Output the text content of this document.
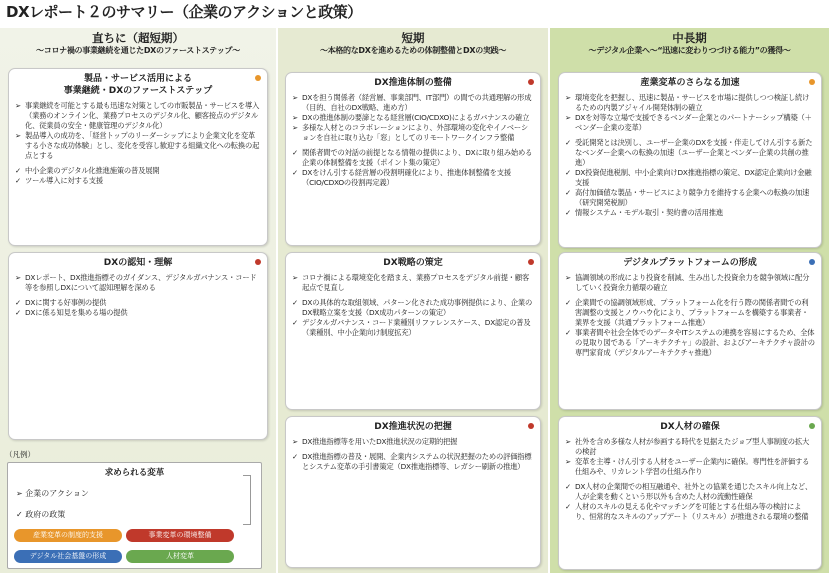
DXレポート２のサマリー（企業のアクションと政策）
直ちに（超短期）
〜コロナ禍の事業継続を通じたDXのファーストステップ〜
短期
〜本格的なDXを進めるための体制整備とDXの実践〜
中長期
〜デジタル企業へ〜“迅速に変わりつづける能力”の獲得〜
製品・サービス活用による
事業継続・DXのファーストステップ
➢ 事業継続を可能とする最も迅速な対策としての市販製品・サービスを導入（業務のオンライン化、業務プロセスのデジタル化、顧客接点のデジタル化、従業員の安全・健康管理のデジタル化）
➢ 製品導入の成功を、「経営トップのリーダーシップにより企業文化を変革する小さな成功体験」とし、変化を受容し歓迎する組織文化への転換の起点とする
✓ 中小企業のデジタル化推進施策の普及展開
✓ ツール導入に対する支援
DXの認知・理解
➢ DXレポート、DX推進指標そのガイダンス、デジタルガバナンス・コード等を参照しDXについて認知理解を深める
✓ DXに関する好事例の提供
✓ DXに係る知見を集める場の提供
DX推進体制の整備
➢ DXを担う関係者（経営層、事業部門、IT部門）の間での共通理解の形成（目的、自社のDX戦略、進め方）
➢ DXの推進体制の要諦となる経営層(CIO/CDXO)によるガバナンスの確立
➢ 多様な人材とのコラボレーションにより、外部環境の変化やイノベーションを自社に取り込む「窓」としてのリモートワークインフラ整備
✓ 関係者間での対話の前提となる情報の提供により、DXに取り組み始める企業の体制整備を支援（ポイント集の策定）
✓ DXをけん引する経営層の役割明確化により、推進体制整備を支援（CIO/CDXOの役割再定義）
DX戦略の策定
➢ コロナ禍による環境変化を踏まえ、業務プロセスをデジタル前提・顧客起点で見直し
✓ DXの具体的な取組領域、パターン化された成功事例提供により、企業のDX戦略立案を支援（DX成功パターンの策定）
✓ デジタルガバナンス・コード業種別リファレンスケース、DX認定の普及（業種別、中小企業向け制度拡充）
DX推進状況の把握
➢ DX推進指標等を用いたDX推進状況の定期的把握
✓ DX推進指標の普及・展開、企業内システムの状況把握のための評価指標とシステム変革の手引書策定（DX推進指標等、レガシー刷新の推進）
産業変革のさらなる加速
➢ 環境変化を把握し、迅速に製品・サービスを市場に提供しつつ検証し続けるための内製アジャイル開発体制の確立
➢ DXを対等な立場で支援できるベンダー企業とのパートナーシップ構築（＋ベンダー企業の変革）
✓ 受託開発とは決別し、ユーザー企業のDXを支援・伴走してけん引する新たなベンダー企業への転換の加速（ユーザー企業とベンダー企業の共創の推進）
✓ DX投資促進税制、中小企業向けDX推進指標の策定、DX認定企業向け金融支援
✓ 高付加価値な製品・サービスにより競争力を維持する企業への転換の加速（研究開発税制）
✓ 情報システム・モデル取引・契約書の活用推進
デジタルプラットフォームの形成
➢ 協調領域の形成により投資を削減、生み出した投資余力を競争領域に配分していく投資余力循環の確立
✓ 企業間での協調領域形成、プラットフォーム化を行う際の関係者間での利害調整の支援とノウハウ化により、プラットフォームを構築する事業者・業界を支援（共通プラットフォーム推進）
✓ 事業者間や社会全体でのデータやITシステムの連携を容易にするため、全体の見取り図である「アーキテクチャ」の設計、およびアーキテクチャ設計の専門家育成（デジタルアーキテクチャ推進）
DX人材の確保
➢ 社外を含め多様な人材が参画する時代を見据えたジョブ型人事制度の拡大の検討
➢ 変革を主導・けん引する人材をユーザー企業内に確保。専門性を評価する仕組みや、リカレント学習の仕組み作り
✓ DX人材の企業間での相互融通や、社外との協業を通じたスキル向上など、人が企業を動くという形以外も含めた人材の流動性確保
✓ 人材のスキルの見える化やマッチングを可能とする仕組み等の検討により、恒常的なスキルのアップデート（リスキル）が推進される環境の整備
（凡例）
求められる変革
➢ 企業のアクション
✓ 政府の政策
産業変革の制度的支援	事業変革の環境整備デジタル社会基盤の形成	人材変革
